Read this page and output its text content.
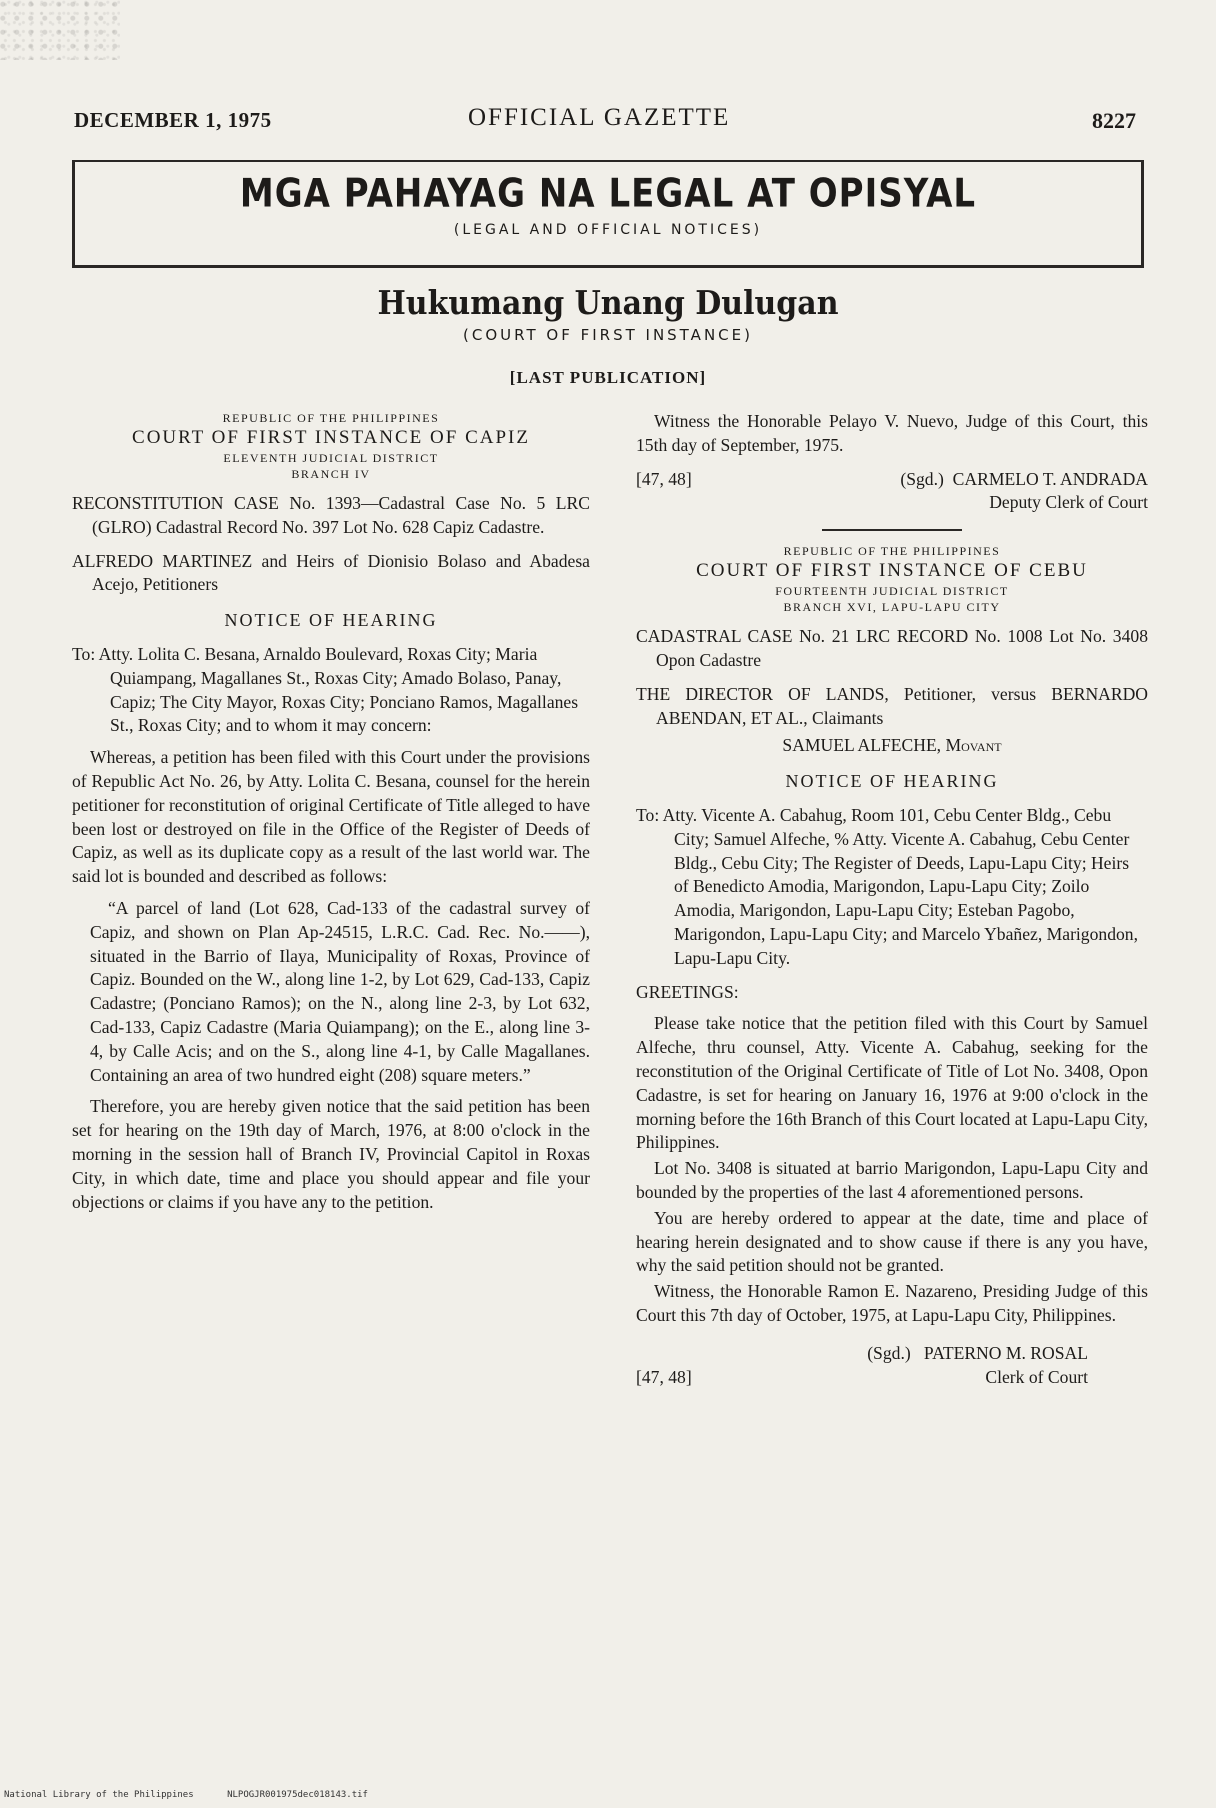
DECEMBER 1, 1975	OFFICIAL GAZETTE	8227
MGA PAHAYAG NA LEGAL AT OPISYAL
(LEGAL AND OFFICIAL NOTICES)
Hukumang Unang Dulugan
(COURT OF FIRST INSTANCE)
[LAST PUBLICATION]
REPUBLIC OF THE PHILIPPINES
COURT OF FIRST INSTANCE OF CAPIZ
ELEVENTH JUDICIAL DISTRICT
BRANCH IV

RECONSTITUTION CASE No. 1393—Cadastral Case No. 5 LRC (GLRO) Cadastral Record No. 397 Lot No. 628 Capiz Cadastre.

ALFREDO MARTINEZ and Heirs of Dionisio Bolaso and Abadesa Acejo, Petitioners

NOTICE OF HEARING

To: Atty. Lolita C. Besana, Arnaldo Boulevard, Roxas City; Maria Quiampang, Magallanes St., Roxas City; Amado Bolaso, Panay, Capiz; The City Mayor, Roxas City; Ponciano Ramos, Magallanes St., Roxas City; and to whom it may concern:

Whereas, a petition has been filed with this Court under the provisions of Republic Act No. 26, by Atty. Lolita C. Besana, counsel for the herein petitioner for reconstitution of original Certificate of Title alleged to have been lost or destroyed on file in the Office of the Register of Deeds of Capiz, as well as its duplicate copy as a result of the last world war. The said lot is bounded and described as follows:

“A parcel of land (Lot 628, Cad-133 of the cadastral survey of Capiz, and shown on Plan Ap-24515, L.R.C. Cad. Rec. No.——), situated in the Barrio of Ilaya, Municipality of Roxas, Province of Capiz. Bounded on the W., along line 1-2, by Lot 629, Cad-133, Capiz Cadastre; (Ponciano Ramos); on the N., along line 2-3, by Lot 632, Cad-133, Capiz Cadastre (Maria Quiampang); on the E., along line 3-4, by Calle Acis; and on the S., along line 4-1, by Calle Magallanes. Containing an area of two hundred eight (208) square meters.”

Therefore, you are hereby given notice that the said petition has been set for hearing on the 19th day of March, 1976, at 8:00 o'clock in the morning in the session hall of Branch IV, Provincial Capitol in Roxas City, in which date, time and place you should appear and file your objections or claims if you have any to the petition.

Witness the Honorable Pelayo V. Nuevo, Judge of this Court, this 15th day of September, 1975.

[47, 48]	(Sgd.) CARMELO T. ANDRADA
Deputy Clerk of Court
REPUBLIC OF THE PHILIPPINES
COURT OF FIRST INSTANCE OF CEBU
FOURTEENTH JUDICIAL DISTRICT
BRANCH XVI, LAPU-LAPU CITY

CADASTRAL CASE No. 21 LRC RECORD No. 1008 Lot No. 3408 Opon Cadastre

THE DIRECTOR OF LANDS, Petitioner, versus BERNARDO ABENDAN, ET AL., Claimants

SAMUEL ALFECHE, Movant
NOTICE OF HEARING

To: Atty. Vicente A. Cabahug, Room 101, Cebu Center Bldg., Cebu City; Samuel Alfeche, % Atty. Vicente A. Cabahug, Cebu Center Bldg., Cebu City; The Register of Deeds, Lapu-Lapu City; Heirs of Benedicto Amodia, Marigondon, Lapu-Lapu City; Zoilo Amodia, Marigondon, Lapu-Lapu City; Esteban Pagobo, Marigondon, Lapu-Lapu City; and Marcelo Ybañez, Marigondon, Lapu-Lapu City.

GREETINGS:

Please take notice that the petition filed with this Court by Samuel Alfeche, thru counsel, Atty. Vicente A. Cabahug, seeking for the reconstitution of the Original Certificate of Title of Lot No. 3408, Opon Cadastre, is set for hearing on January 16, 1976 at 9:00 o'clock in the morning before the 16th Branch of this Court located at Lapu-Lapu City, Philippines.

Lot No. 3408 is situated at barrio Marigondon, Lapu-Lapu City and bounded by the properties of the last 4 aforementioned persons.

You are hereby ordered to appear at the date, time and place of hearing herein designated and to show cause if there is any you have, why the said petition should not be granted.

Witness, the Honorable Ramon E. Nazareno, Presiding Judge of this Court this 7th day of October, 1975, at Lapu-Lapu City, Philippines.

[47, 48]
(Sgd.) PATERNO M. ROSAL
Clerk of Court
National Library of the Philippines	NLPOGJR001975dec018143.tif
